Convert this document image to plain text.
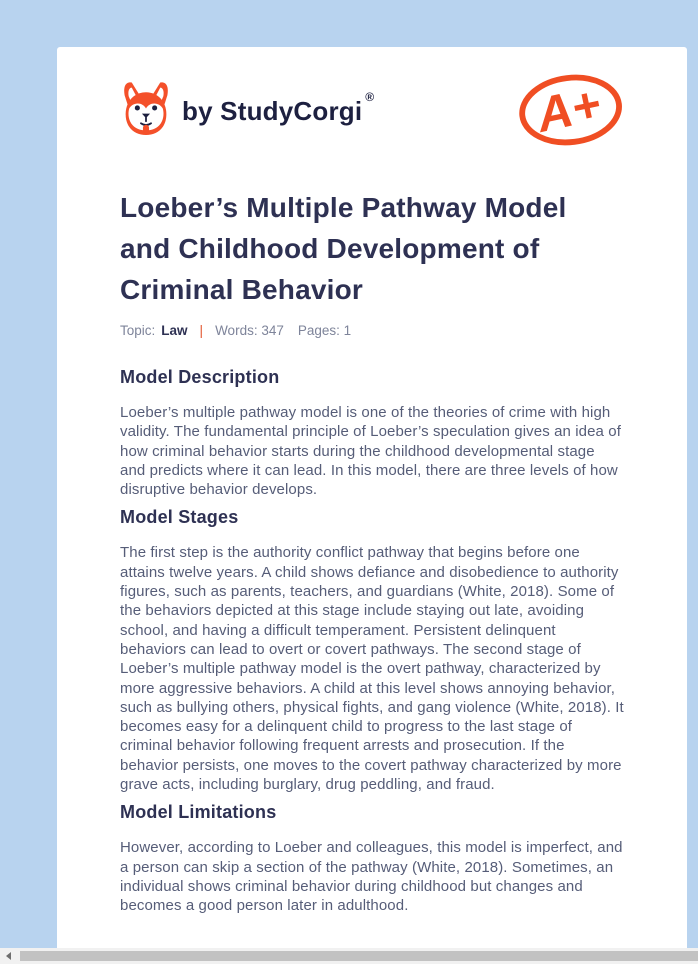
by StudyCorgi ®	A+
Loeber’s Multiple Pathway Model and Childhood Development of Criminal Behavior
Topic: Law | Words: 347 Pages: 1
Model Description

Loeber’s multiple pathway model is one of the theories of crime with high validity. The fundamental principle of Loeber’s speculation gives an idea of how criminal behavior starts during the childhood developmental stage and predicts where it can lead. In this model, there are three levels of how disruptive behavior develops.

Model Stages

The first step is the authority conflict pathway that begins before one attains twelve years. A child shows defiance and disobedience to authority figures, such as parents, teachers, and guardians (White, 2018). Some of the behaviors depicted at this stage include staying out late, avoiding school, and having a difficult temperament. Persistent delinquent behaviors can lead to overt or covert pathways. The second stage of Loeber’s multiple pathway model is the overt pathway, characterized by more aggressive behaviors. A child at this level shows annoying behavior, such as bullying others, physical fights, and gang violence (White, 2018). It becomes easy for a delinquent child to progress to the last stage of criminal behavior following frequent arrests and prosecution. If the behavior persists, one moves to the covert pathway characterized by more grave acts, including burglary, drug peddling, and fraud.

Model Limitations

However, according to Loeber and colleagues, this model is imperfect, and a person can skip a section of the pathway (White, 2018). Sometimes, an individual shows criminal behavior during childhood but changes and becomes a good person later in adulthood.
